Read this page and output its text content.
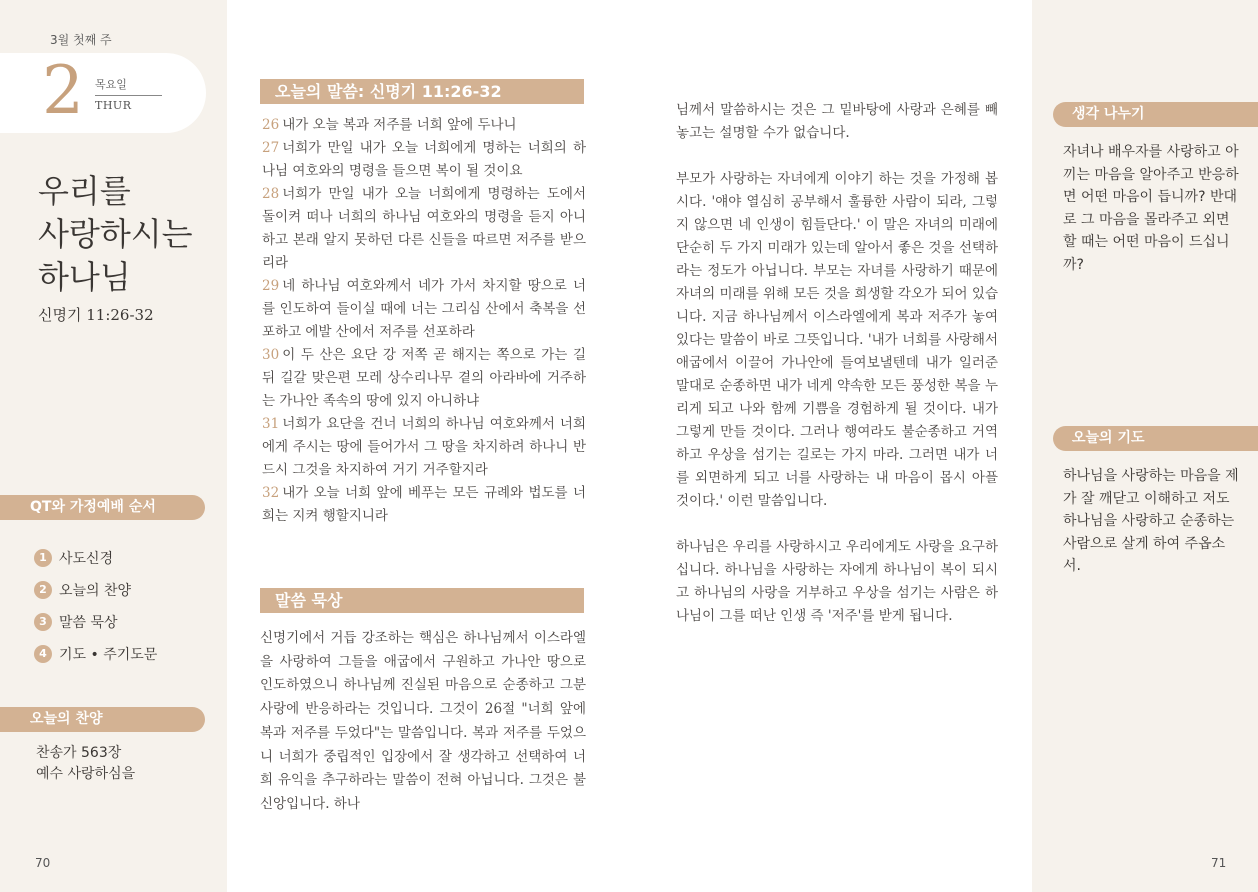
3월 첫째 주
2 목요일
THUR
우리를
사랑하시는
하나님
신명기 11:26-32
QT와 가정예배 순서
1 사도신경
2 오늘의 찬양
3 말씀 묵상
4 기도 • 주기도문
오늘의 찬양
찬송가 563장
예수 사랑하심을
70
오늘의 말씀: 신명기 11:26-32
26 내가 오늘 복과 저주를 너희 앞에 두나니
27 너희가 만일 내가 오늘 너희에게 명하는 너희의 하나님 여호와의 명령을 들으면 복이 될 것이요
28 너희가 만일 내가 오늘 너희에게 명령하는 도에서 돌이켜 떠나 너희의 하나님 여호와의 명령을 듣지 아니하고 본래 알지 못하던 다른 신들을 따르면 저주를 받으리라
29 네 하나님 여호와께서 네가 가서 차지할 땅으로 너를 인도하여 들이실 때에 너는 그리심 산에서 축복을 선포하고 에발 산에서 저주를 선포하라
30 이 두 산은 요단 강 저쪽 곧 해지는 쪽으로 가는 길 뒤 길갈 맞은편 모레 상수리나무 곁의 아라바에 거주하는 가나안 족속의 땅에 있지 아니하냐
31 너희가 요단을 건너 너희의 하나님 여호와께서 너희에게 주시는 땅에 들어가서 그 땅을 차지하려 하나니 반드시 그것을 차지하여 거기 거주할지라
32 내가 오늘 너희 앞에 베푸는 모든 규례와 법도를 너희는 지켜 행할지니라
말씀 묵상
신명기에서 거듭 강조하는 핵심은 하나님께서 이스라엘을 사랑하여 그들을 애굽에서 구원하고 가나안 땅으로 인도하였으니 하나님께 진실된 마음으로 순종하고 그분 사랑에 반응하라는 것입니다. 그것이 26절 "너희 앞에 복과 저주를 두었다"는 말씀입니다. 복과 저주를 두었으니 너희가 중립적인 입장에서 잘 생각하고 선택하여 너희 유익을 추구하라는 말씀이 전혀 아닙니다. 그것은 불신앙입니다. 하나

님께서 말씀하시는 것은 그 밑바탕에 사랑과 은혜를 빼놓고는 설명할 수가 없습니다.

부모가 사랑하는 자녀에게 이야기 하는 것을 가정해 봅시다. '얘야 열심히 공부해서 훌륭한 사람이 되라, 그렇지 않으면 네 인생이 힘들단다.' 이 말은 자녀의 미래에 단순히 두 가지 미래가 있는데 알아서 좋은 것을 선택하라는 정도가 아닙니다. 부모는 자녀를 사랑하기 때문에 자녀의 미래를 위해 모든 것을 희생할 각오가 되어 있습니다. 지금 하나님께서 이스라엘에게 복과 저주가 놓여 있다는 말씀이 바로 그뜻입니다. '내가 너희를 사랑해서 애굽에서 이끌어 가나안에 들여보낼텐데 내가 일러준 말대로 순종하면 내가 네게 약속한 모든 풍성한 복을 누리게 되고 나와 함께 기쁨을 경험하게 될 것이다. 내가 그렇게 만들 것이다. 그러나 행여라도 불순종하고 거역하고 우상을 섬기는 길로는 가지 마라. 그러면 내가 너를 외면하게 되고 너를 사랑하는 내 마음이 몹시 아플 것이다.' 이런 말씀입니다.

하나님은 우리를 사랑하시고 우리에게도 사랑을 요구하십니다. 하나님을 사랑하는 자에게 하나님이 복이 되시고 하나님의 사랑을 거부하고 우상을 섬기는 사람은 하나님이 그를 떠난 인생 즉 '저주'를 받게 됩니다.

생각 나누기
자녀나 배우자를 사랑하고 아끼는 마음을 알아주고 반응하면 어떤 마음이 듭니까? 반대로 그 마음을 몰라주고 외면할 때는 어떤 마음이 드십니까?
오늘의 기도
하나님을 사랑하는 마음을 제가 잘 깨닫고 이해하고 저도 하나님을 사랑하고 순종하는 사람으로 살게 하여 주옵소서.
71
